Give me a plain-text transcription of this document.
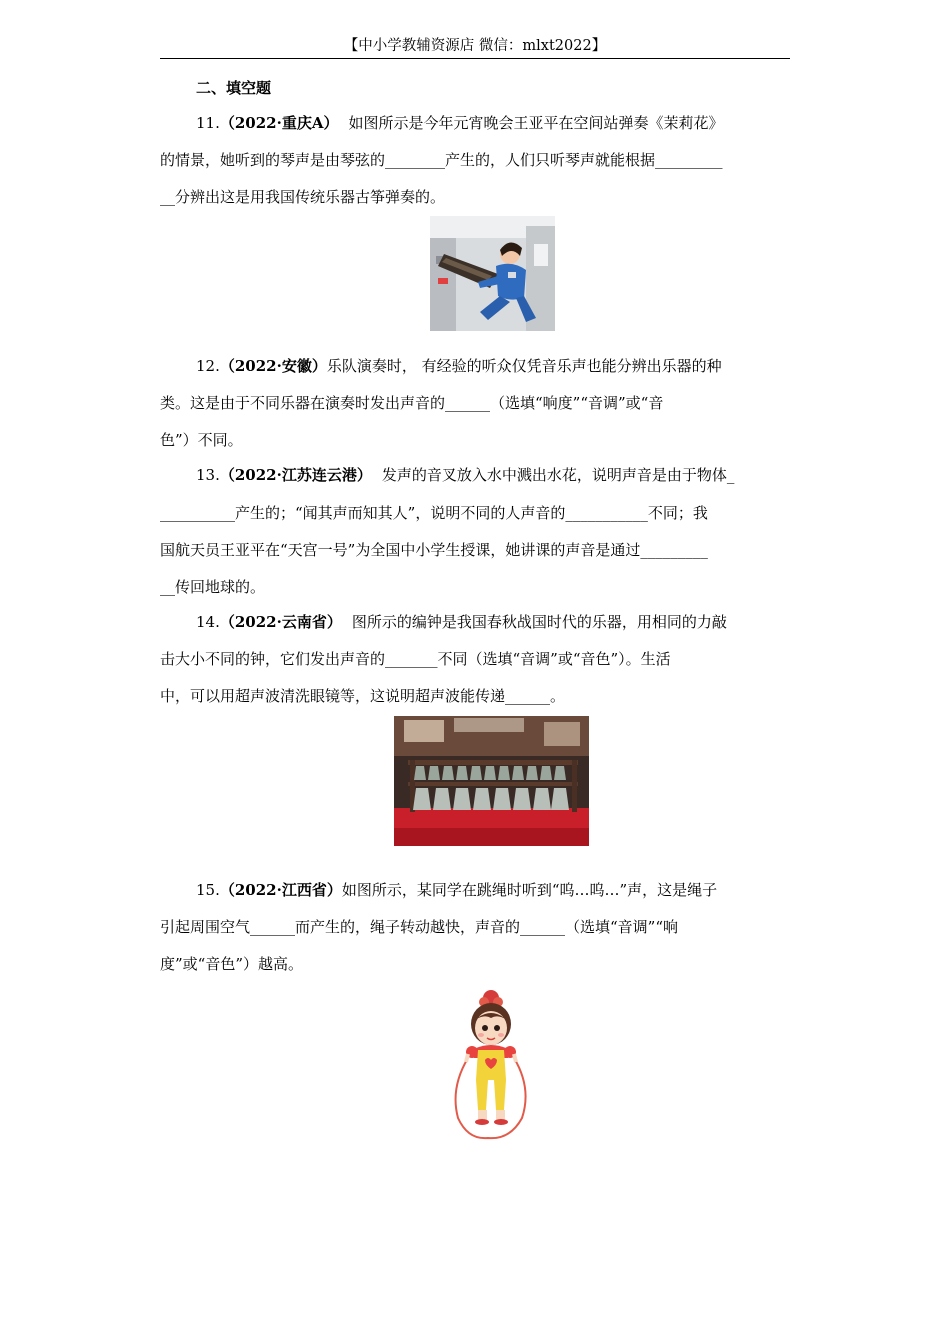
【中小学教辅资源店 微信：mlxt2022】
二、填空题
11.（2022·重庆A） 如图所示是今年元宵晚会王亚平在空间站弹奏《茉莉花》
的情景，她听到的琴声是由琴弦的________产生的，人们只听琴声就能根据_________
__分辨出这是用我国传统乐器古筝弹奏的。
12.（2022·安徽）乐队演奏时， 有经验的听众仅凭音乐声也能分辨出乐器的种
类。这是由于不同乐器在演奏时发出声音的______（选填“响度”“音调”或“音
色”）不同。
13.（2022·江苏连云港） 发声的音叉放入水中溅出水花，说明声音是由于物体_
__________产生的；“闻其声而知其人”，说明不同的人声音的___________不同；我
国航天员王亚平在“天宫一号”为全国中小学生授课，她讲课的声音是通过_________
__传回地球的。
14.（2022·云南省） 图所示的编钟是我国春秋战国时代的乐器，用相同的力敲
击大小不同的钟，它们发出声音的_______不同（选填“音调”或“音色”）。生活
中，可以用超声波清洗眼镜等，这说明超声波能传递______。
15.（2022·江西省）如图所示，某同学在跳绳时听到“呜…呜…”声，这是绳子
引起周围空气______而产生的，绳子转动越快，声音的______（选填“音调”“响
度”或“音色”）越高。
